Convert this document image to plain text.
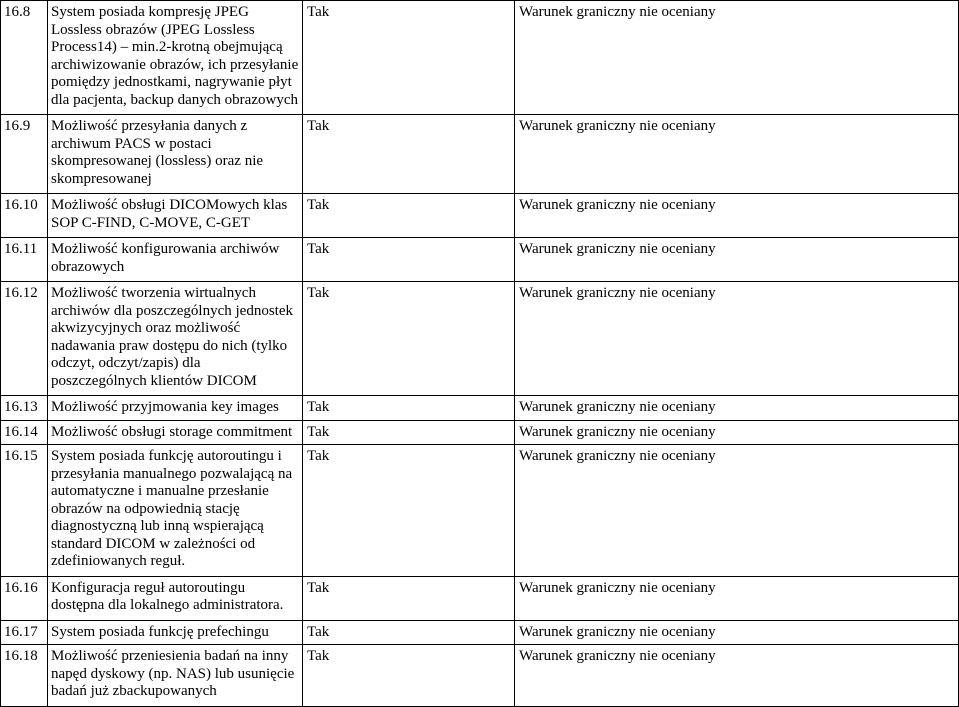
16.8	System posiada kompresję JPEG Lossless obrazów (JPEG Lossless Process14) – min.2-krotną obejmującą archiwizowanie obrazów, ich przesyłanie pomiędzy jednostkami, nagrywanie płyt dla pacjenta, backup danych obrazowych	Tak	Warunek graniczny nie oceniany
16.9	Możliwość przesyłania danych z archiwum PACS w postaci skompresowanej (lossless) oraz nie skompresowanej	Tak	Warunek graniczny nie oceniany
16.10	Możliwość obsługi DICOMowych klas SOP C-FIND, C-MOVE, C-GET	Tak	Warunek graniczny nie oceniany
16.11	Możliwość konfigurowania archiwów obrazowych	Tak	Warunek graniczny nie oceniany
16.12	Możliwość tworzenia wirtualnych archiwów dla poszczególnych jednostek akwizycyjnych oraz możliwość nadawania praw dostępu do nich (tylko odczyt, odczyt/zapis) dla poszczególnych klientów DICOM	Tak	Warunek graniczny nie oceniany
16.13	Możliwość przyjmowania key images	Tak	Warunek graniczny nie oceniany
16.14	Możliwość obsługi storage commitment	Tak	Warunek graniczny nie oceniany
16.15	System posiada funkcję autoroutingu i przesyłania manualnego pozwalającą na automatyczne i manualne przesłanie obrazów na odpowiednią stację diagnostyczną lub inną wspierającą standard DICOM w zależności od zdefiniowanych reguł.	Tak	Warunek graniczny nie oceniany
16.16	Konfiguracja reguł autoroutingu dostępna dla lokalnego administratora.	Tak	Warunek graniczny nie oceniany
16.17	System posiada funkcję prefechingu	Tak	Warunek graniczny nie oceniany
16.18	Możliwość przeniesienia badań na inny napęd dyskowy (np. NAS) lub usunięcie badań już zbackupowanych	Tak	Warunek graniczny nie oceniany
